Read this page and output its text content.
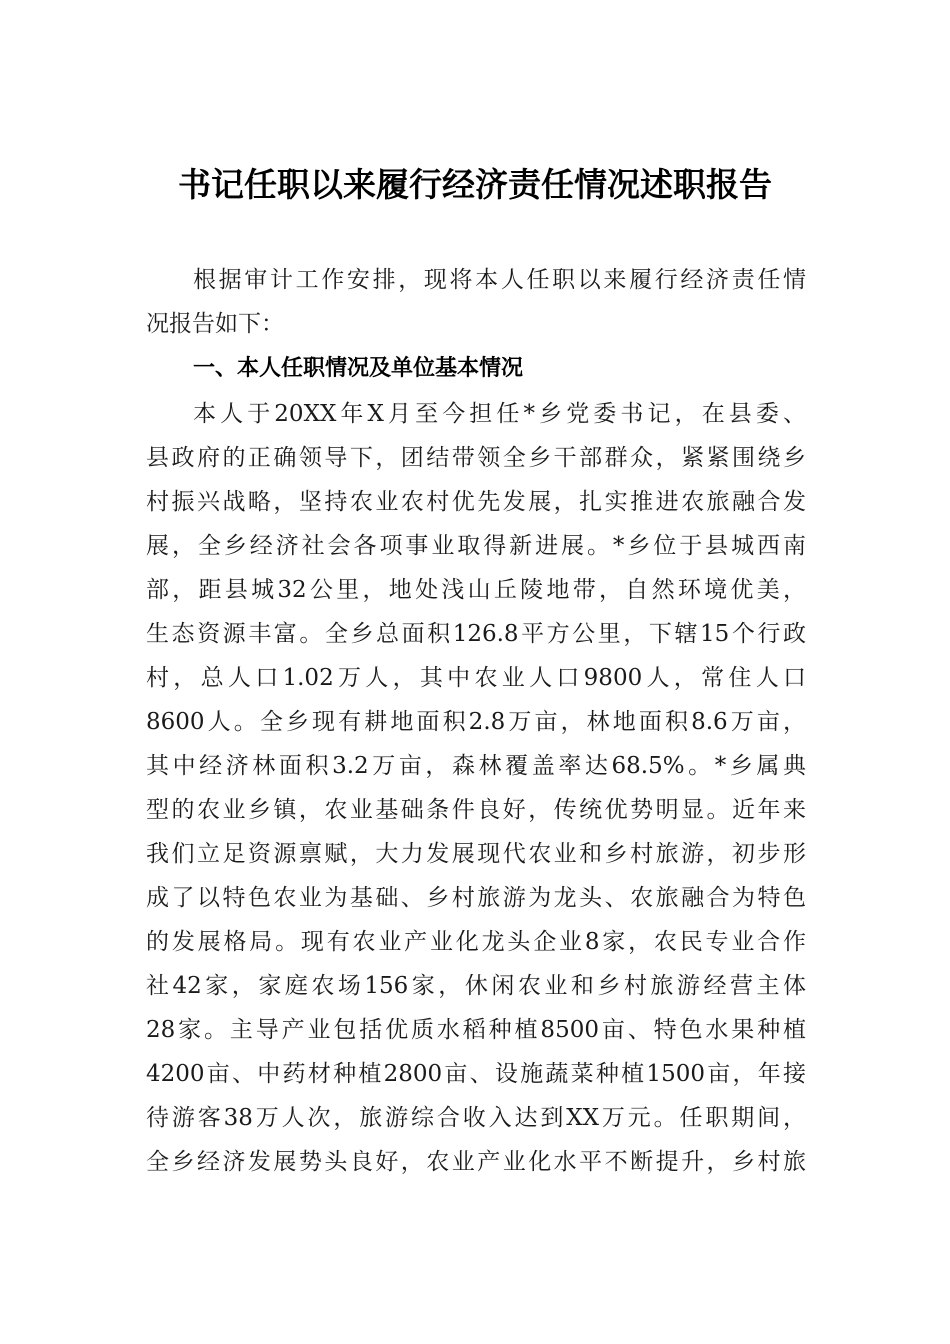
书记任职以来履行经济责任情况述职报告
根据审计工作安排，现将本人任职以来履行经济责任情
况报告如下：
一、本人任职情况及单位基本情况
本人于20XX年X月至今担任*乡党委书记，在县委、
县政府的正确领导下，团结带领全乡干部群众，紧紧围绕乡
村振兴战略，坚持农业农村优先发展，扎实推进农旅融合发
展，全乡经济社会各项事业取得新进展。*乡位于县城西南
部，距县城32公里，地处浅山丘陵地带，自然环境优美，
生态资源丰富。全乡总面积126.8平方公里，下辖15个行政
村，总人口1.02万人，其中农业人口9800人，常住人口
8600人。全乡现有耕地面积2.8万亩，林地面积8.6万亩，
其中经济林面积3.2万亩，森林覆盖率达68.5%。*乡属典
型的农业乡镇，农业基础条件良好，传统优势明显。近年来
我们立足资源禀赋，大力发展现代农业和乡村旅游，初步形
成了以特色农业为基础、乡村旅游为龙头、农旅融合为特色
的发展格局。现有农业产业化龙头企业8家，农民专业合作
社42家，家庭农场156家，休闲农业和乡村旅游经营主体
28家。主导产业包括优质水稻种植8500亩、特色水果种植
4200亩、中药材种植2800亩、设施蔬菜种植1500亩，年接
待游客38万人次，旅游综合收入达到XX万元。任职期间，
全乡经济发展势头良好，农业产业化水平不断提升，乡村旅
